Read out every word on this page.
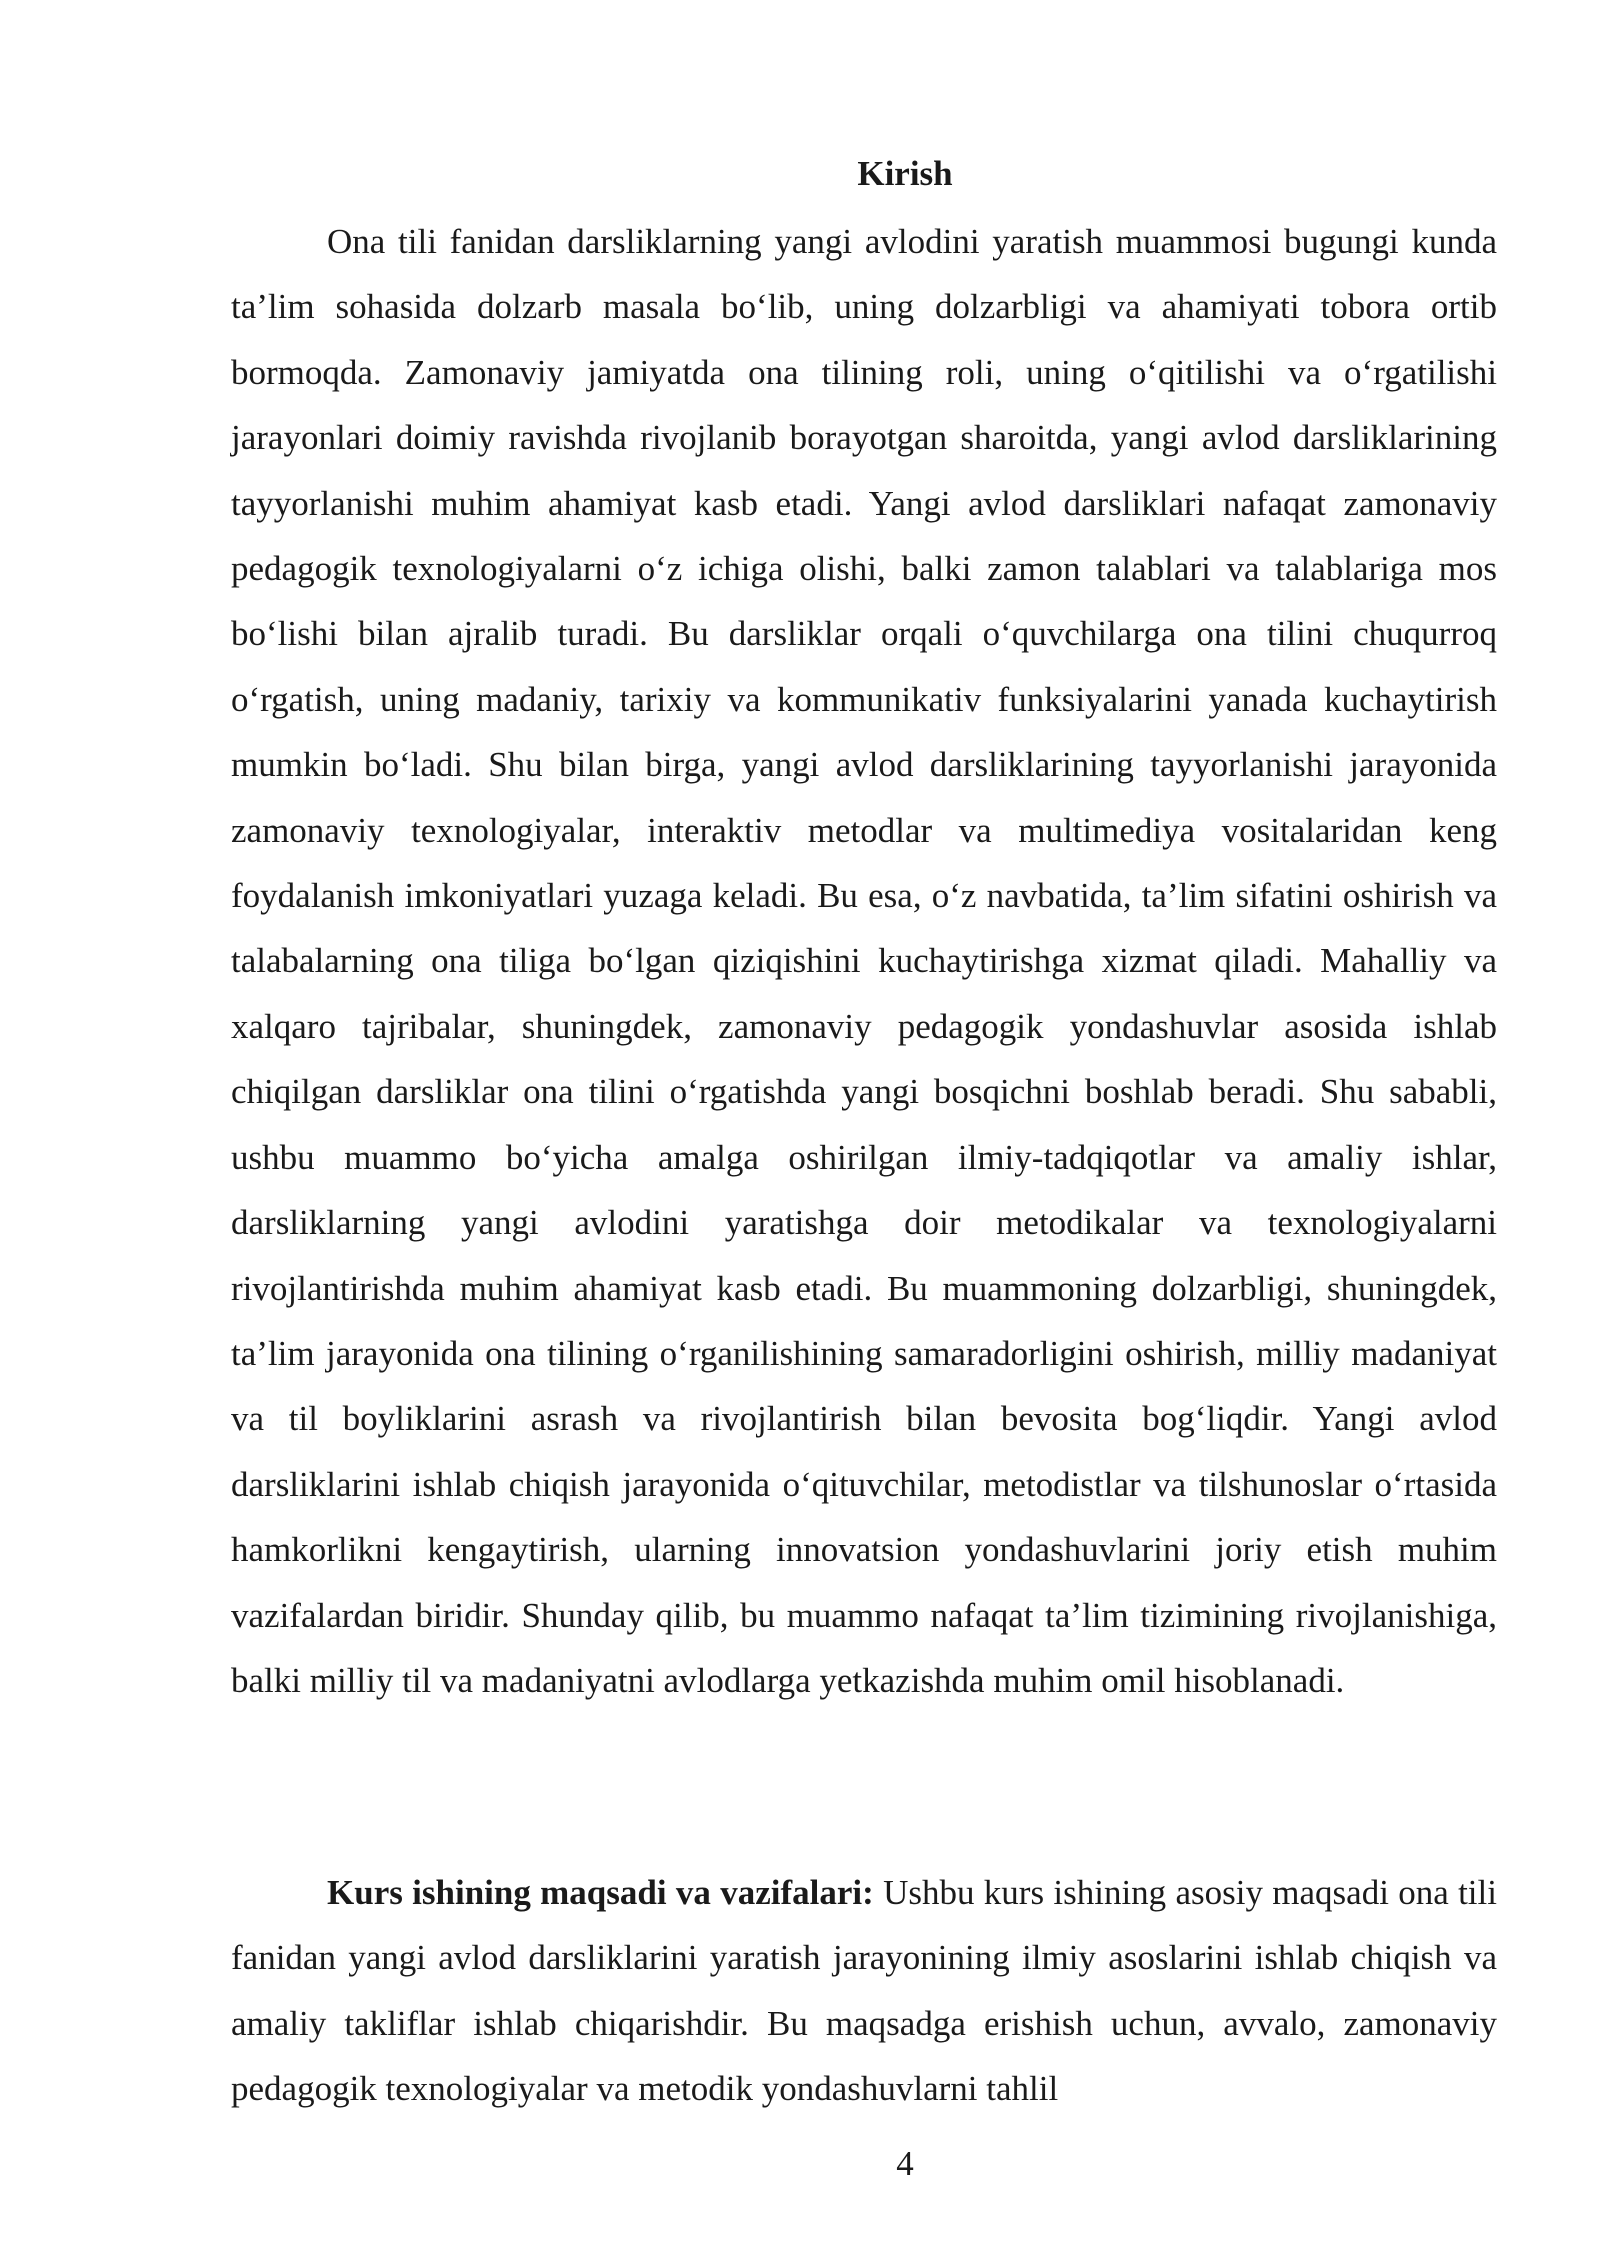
Kirish

Ona tili fanidan darsliklarning yangi avlodini yaratish muammosi bugungi kunda ta’lim sohasida dolzarb masala bo‘lib, uning dolzarbligi va ahamiyati tobora ortib bormoqda. Zamonaviy jamiyatda ona tilining roli, uning o‘qitilishi va o‘rgatilishi jarayonlari doimiy ravishda rivojlanib borayotgan sharoitda, yangi avlod darsliklarining tayyorlanishi muhim ahamiyat kasb etadi. Yangi avlod darsliklari nafaqat zamonaviy pedagogik texnologiyalarni o‘z ichiga olishi, balki zamon talablari va talablariga mos bo‘lishi bilan ajralib turadi. Bu darsliklar orqali o‘quvchilarga ona tilini chuqurroq o‘rgatish, uning madaniy, tarixiy va kommunikativ funksiyalarini yanada kuchaytirish mumkin bo‘ladi. Shu bilan birga, yangi avlod darsliklarining tayyorlanishi jarayonida zamonaviy texnologiyalar, interaktiv metodlar va multimediya vositalaridan keng foydalanish imkoniyatlari yuzaga keladi. Bu esa, o‘z navbatida, ta’lim sifatini oshirish va talabalarning ona tiliga bo‘lgan qiziqishini kuchaytirishga xizmat qiladi. Mahalliy va xalqaro tajribalar, shuningdek, zamonaviy pedagogik yondashuvlar asosida ishlab chiqilgan darsliklar ona tilini o‘rgatishda yangi bosqichni boshlab beradi. Shu sababli, ushbu muammo bo‘yicha amalga oshirilgan ilmiy-tadqiqotlar va amaliy ishlar, darsliklarning yangi avlodini yaratishga doir metodikalar va texnologiyalarni rivojlantirishda muhim ahamiyat kasb etadi. Bu muammoning dolzarbligi, shuningdek, ta’lim jarayonida ona tilining o‘rganilishining samaradorligini oshirish, milliy madaniyat va til boyliklarini asrash va rivojlantirish bilan bevosita bog‘liqdir. Yangi avlod darsliklarini ishlab chiqish jarayonida o‘qituvchilar, metodistlar va tilshunoslar o‘rtasida hamkorlikni kengaytirish, ularning innovatsion yondashuvlarini joriy etish muhim vazifalardan biridir. Shunday qilib, bu muammo nafaqat ta’lim tizimining rivojlanishiga, balki milliy til va madaniyatni avlodlarga yetkazishda muhim omil hisoblanadi.

Kurs ishining maqsadi va vazifalari: Ushbu kurs ishining asosiy maqsadi ona tili fanidan yangi avlod darsliklarini yaratish jarayonining ilmiy asoslarini ishlab chiqish va amaliy takliflar ishlab chiqarishdir. Bu maqsadga erishish uchun, avvalo, zamonaviy pedagogik texnologiyalar va metodik yondashuvlarni tahlil

4
